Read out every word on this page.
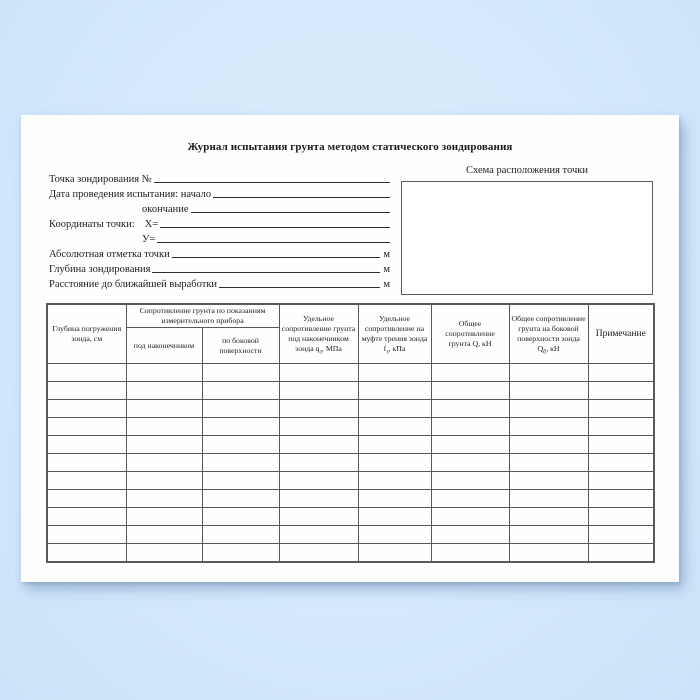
Журнал испытания грунта методом статического зондирования
Точка зондирования №
Дата проведения испытания: начало
окончание
Координаты точки: Х=
У=
Абсолютная отметка точки	м
Глубина зондирования	м
Расстояние до ближайшей выработки	м
Схема расположения точки
Глубина погружения зонда, см	Сопротивление грунта по показаниям измерительного прибора		Удельное сопротивление грунта под наконечником зонда $q_з$, МПа	Удельное сопротивление на муфте трения зонда $f_з$, кПа	Общее сопротивление грунта Q, кН	Общее сопротивление грунта на боковой поверхности зонда $Q_б$, кН	Примечание
	под наконечником	по боковой поверхности					
